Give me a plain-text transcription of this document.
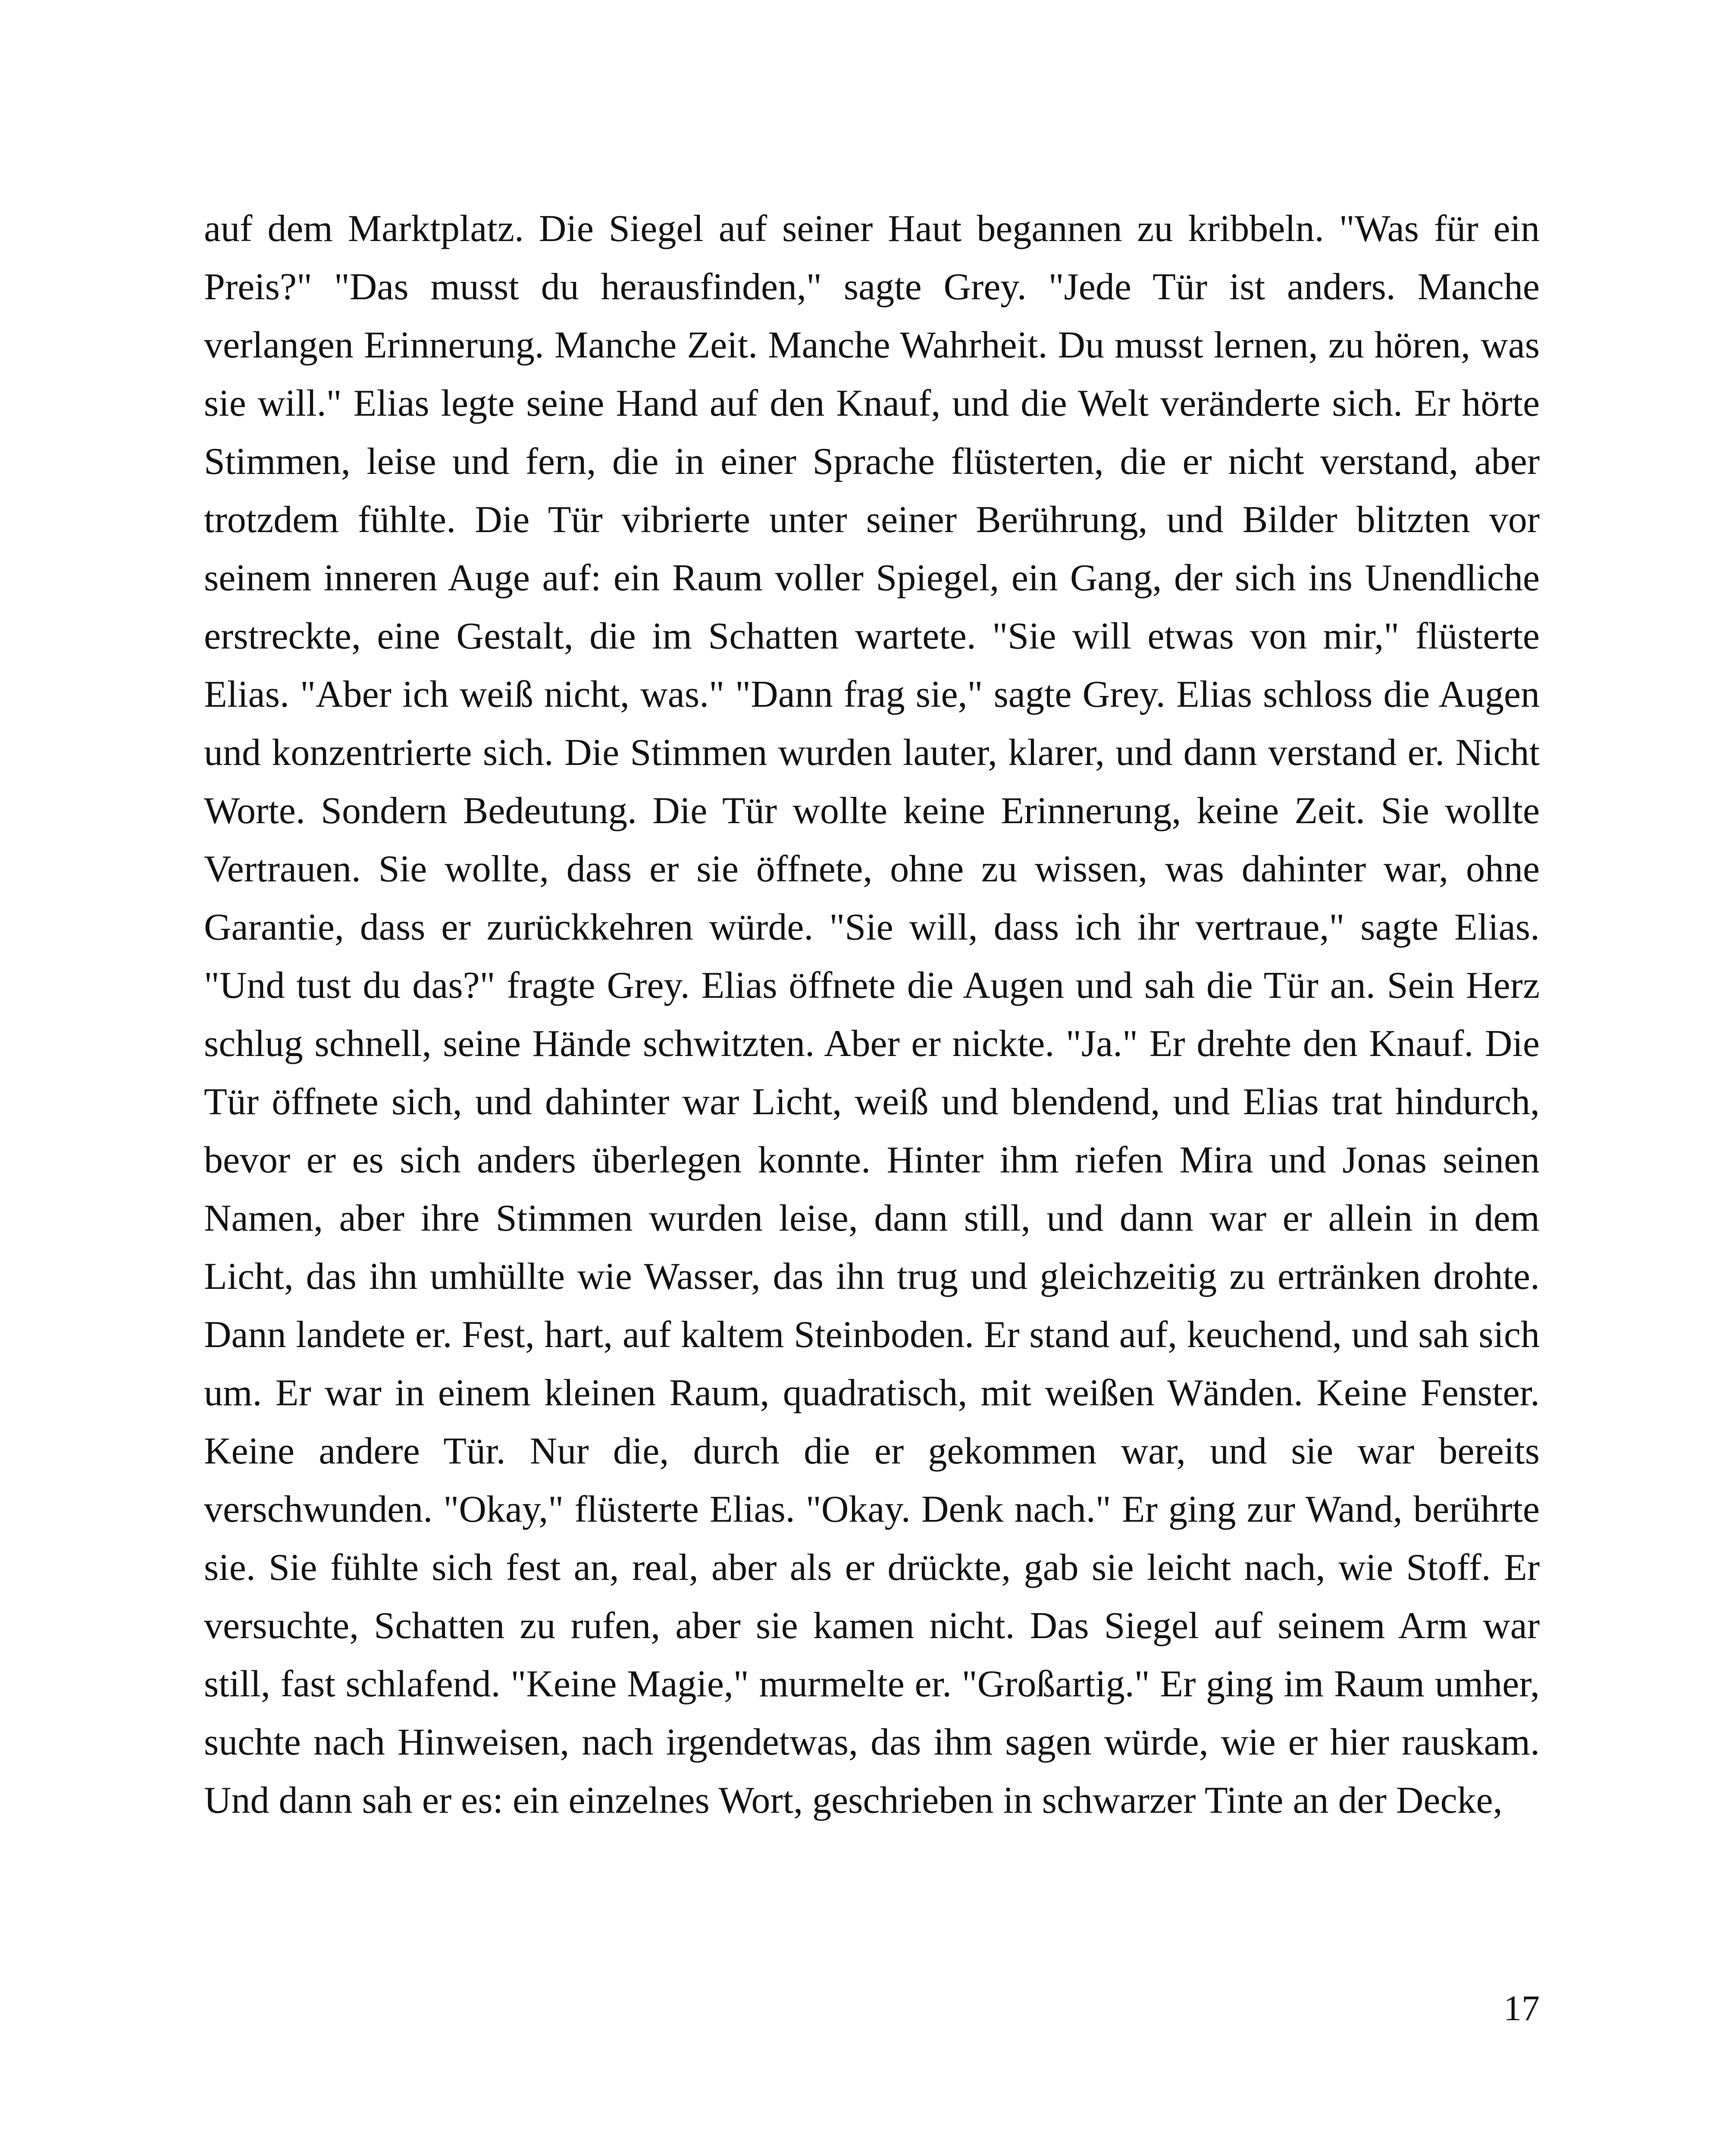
auf dem Marktplatz. Die Siegel auf seiner Haut begannen zu kribbeln. "Was für ein Preis?" "Das musst du herausfinden," sagte Grey. "Jede Tür ist anders. Manche verlangen Erinnerung. Manche Zeit. Manche Wahrheit. Du musst lernen, zu hören, was sie will." Elias legte seine Hand auf den Knauf, und die Welt veränderte sich. Er hörte Stimmen, leise und fern, die in einer Sprache flüsterten, die er nicht verstand, aber trotzdem fühlte. Die Tür vibrierte unter seiner Berührung, und Bilder blitzten vor seinem inneren Auge auf: ein Raum voller Spiegel, ein Gang, der sich ins Unendliche erstreckte, eine Gestalt, die im Schatten wartete. "Sie will etwas von mir," flüsterte Elias. "Aber ich weiß nicht, was." "Dann frag sie," sagte Grey. Elias schloss die Augen und konzentrierte sich. Die Stimmen wurden lauter, klarer, und dann verstand er. Nicht Worte. Sondern Bedeutung. Die Tür wollte keine Erinnerung, keine Zeit. Sie wollte Vertrauen. Sie wollte, dass er sie öffnete, ohne zu wissen, was dahinter war, ohne Garantie, dass er zurückkehren würde. "Sie will, dass ich ihr vertraue," sagte Elias. "Und tust du das?" fragte Grey. Elias öffnete die Augen und sah die Tür an. Sein Herz schlug schnell, seine Hände schwitzten. Aber er nickte. "Ja." Er drehte den Knauf. Die Tür öffnete sich, und dahinter war Licht, weiß und blendend, und Elias trat hindurch, bevor er es sich anders überlegen konnte. Hinter ihm riefen Mira und Jonas seinen Namen, aber ihre Stimmen wurden leise, dann still, und dann war er allein in dem Licht, das ihn umhüllte wie Wasser, das ihn trug und gleichzeitig zu ertränken drohte. Dann landete er. Fest, hart, auf kaltem Steinboden. Er stand auf, keuchend, und sah sich um. Er war in einem kleinen Raum, quadratisch, mit weißen Wänden. Keine Fenster. Keine andere Tür. Nur die, durch die er gekommen war, und sie war bereits verschwunden. "Okay," flüsterte Elias. "Okay. Denk nach." Er ging zur Wand, berührte sie. Sie fühlte sich fest an, real, aber als er drückte, gab sie leicht nach, wie Stoff. Er versuchte, Schatten zu rufen, aber sie kamen nicht. Das Siegel auf seinem Arm war still, fast schlafend. "Keine Magie," murmelte er. "Großartig." Er ging im Raum umher, suchte nach Hinweisen, nach irgendetwas, das ihm sagen würde, wie er hier rauskam. Und dann sah er es: ein einzelnes Wort, geschrieben in schwarzer Tinte an der Decke,

17
